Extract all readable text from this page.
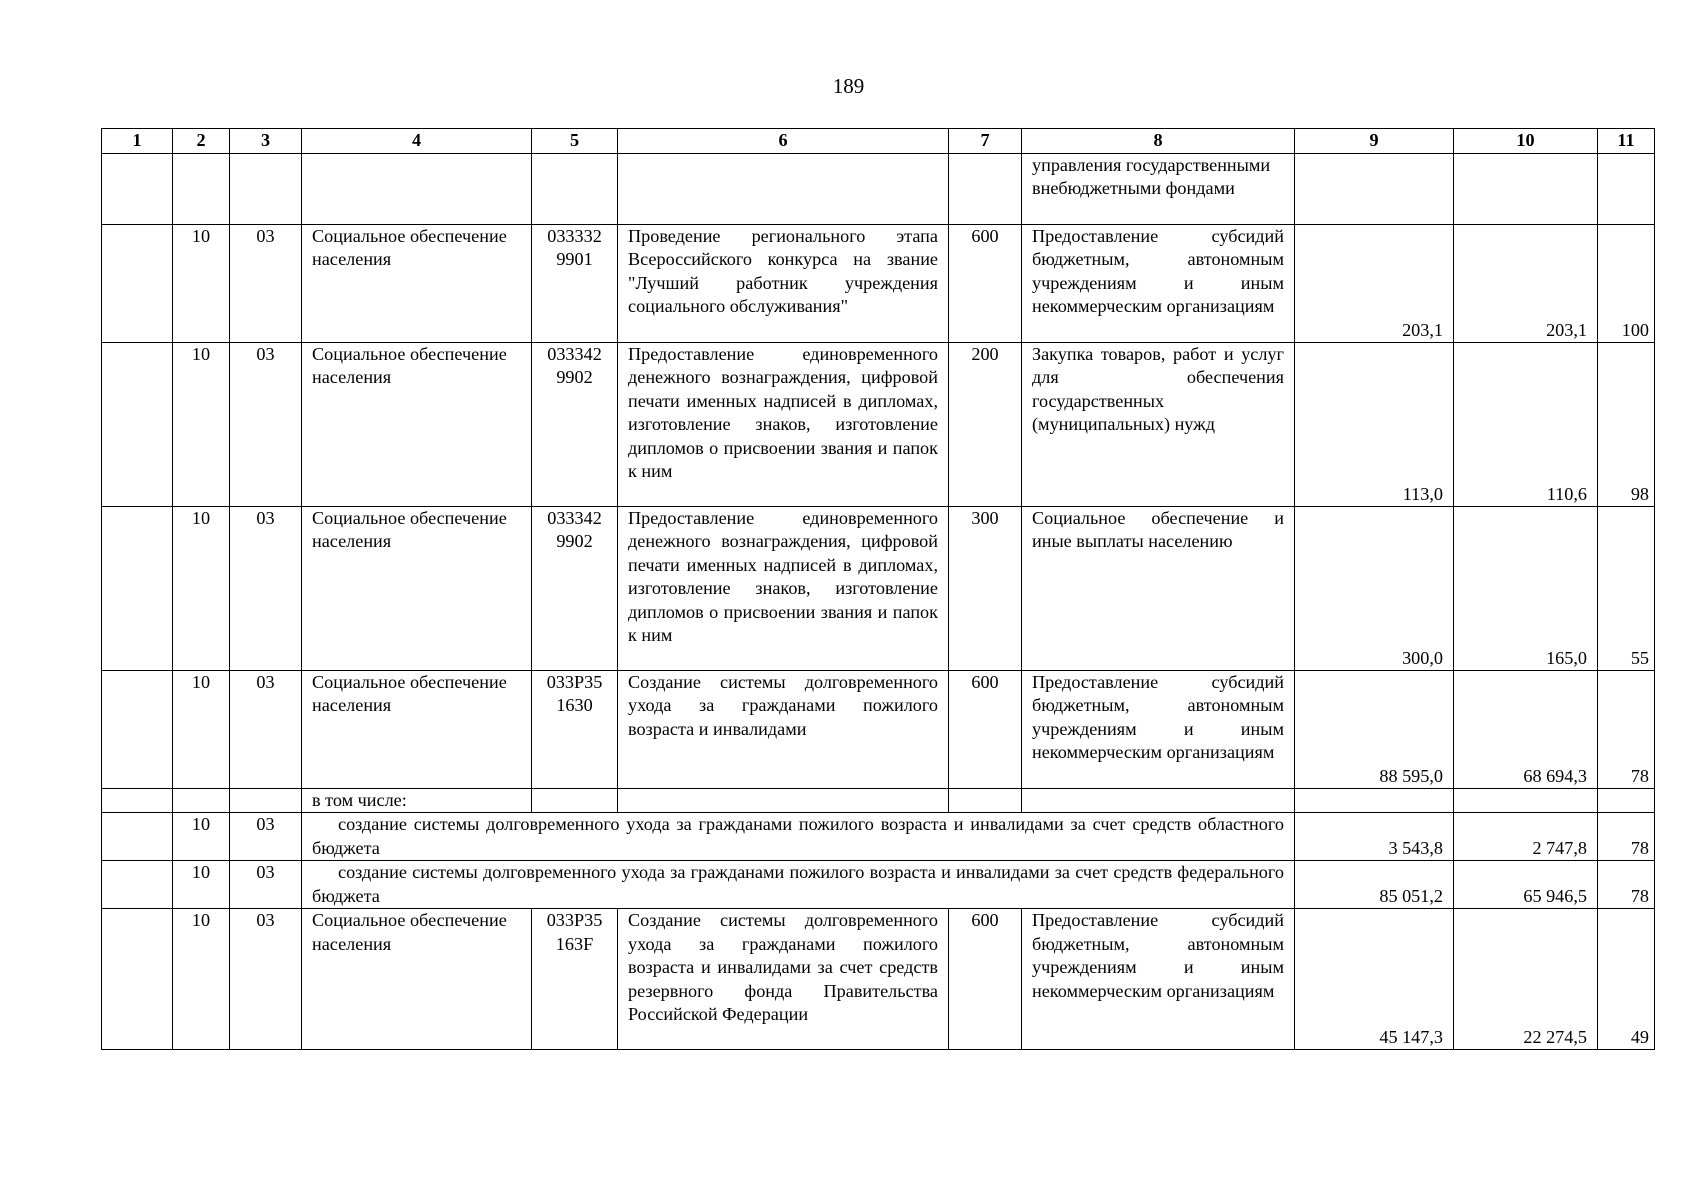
189
1	2	3	4	5	6	7	8	9	10	11
							управления государственными внебюджетными фондами			
	10	03	Социальное обеспечение населения	033332 9901	Проведение регионального этапа Всероссийского конкурса на звание "Лучший работник учреждения социального обслуживания"	600	Предоставление субсидий бюджетным, автономным учреждениям и иным некоммерческим организациям	203,1	203,1	100
	10	03	Социальное обеспечение населения	033342 9902	Предоставление единовременного денежного вознаграждения, цифровой печати именных надписей в дипломах, изготовление знаков, изготовление дипломов о присвоении звания и папок к ним	200	Закупка товаров, работ и услуг для обеспечения государственных (муниципальных) нужд	113,0	110,6	98
	10	03	Социальное обеспечение населения	033342 9902	Предоставление единовременного денежного вознаграждения, цифровой печати именных надписей в дипломах, изготовление знаков, изготовление дипломов о присвоении звания и папок к ним	300	Социальное обеспечение и иные выплаты населению	300,0	165,0	55
	10	03	Социальное обеспечение населения	033P35 1630	Создание системы долговременного ухода за гражданами пожилого возраста и инвалидами	600	Предоставление субсидий бюджетным, автономным учреждениям и иным некоммерческим организациям	88 595,0	68 694,3	78
			в том числе:							
	10	03	создание системы долговременного ухода за гражданами пожилого возраста и инвалидами за счет средств областного бюджета					3 543,8	2 747,8	78
	10	03	создание системы долговременного ухода за гражданами пожилого возраста и инвалидами за счет средств федерального бюджета					85 051,2	65 946,5	78
	10	03	Социальное обеспечение населения	033P35 163F	Создание системы долговременного ухода за гражданами пожилого возраста и инвалидами за счет средств резервного фонда Правительства Российской Федерации	600	Предоставление субсидий бюджетным, автономным учреждениям и иным некоммерческим организациям	45 147,3	22 274,5	49
